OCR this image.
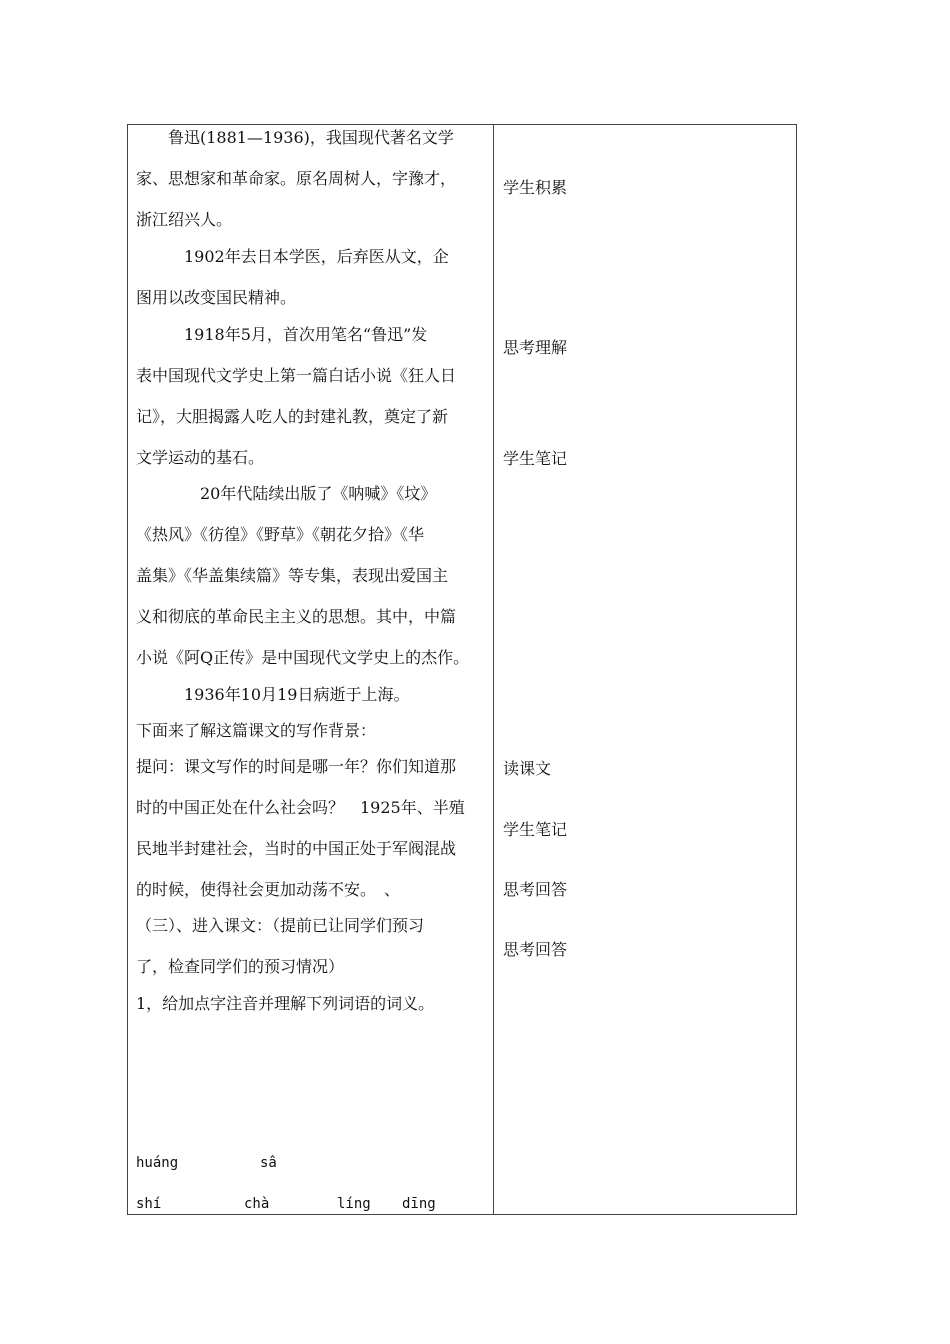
　　鲁迅(1881—1936)，我国现代著名文学
家、思想家和革命家。原名周树人，字豫才，
浙江绍兴人。
　　　1902年去日本学医，后弃医从文，企
图用以改变国民精神。
　　　1918年5月，首次用笔名“鲁迅”发
表中国现代文学史上第一篇白话小说《狂人日
记》，大胆揭露人吃人的封建礼教，奠定了新
文学运动的基石。
　　　　20年代陆续出版了《呐喊》《坟》
《热风》《彷徨》《野草》《朝花夕拾》《华
盖集》《华盖集续篇》等专集，表现出爱国主
义和彻底的革命民主主义的思想。其中，中篇
小说《阿Q正传》是中国现代文学史上的杰作。
　　　1936年10月19日病逝于上海。
下面来了解这篇课文的写作背景：
提问：课文写作的时间是哪一年？你们知道那
时的中国正处在什么社会吗？　1925年、半殖
民地半封建社会，当时的中国正处于军阀混战
的时候，使得社会更加动荡不安。　、
（三）、进入课文：（提前已让同学们预习
了，检查同学们的预习情况）
1，给加点字注音并理解下列词语的词义。
huáng	sâ
shí	chà	líng dīng
学生积累
思考理解
学生笔记
读课文
学生笔记
思考回答
思考回答
